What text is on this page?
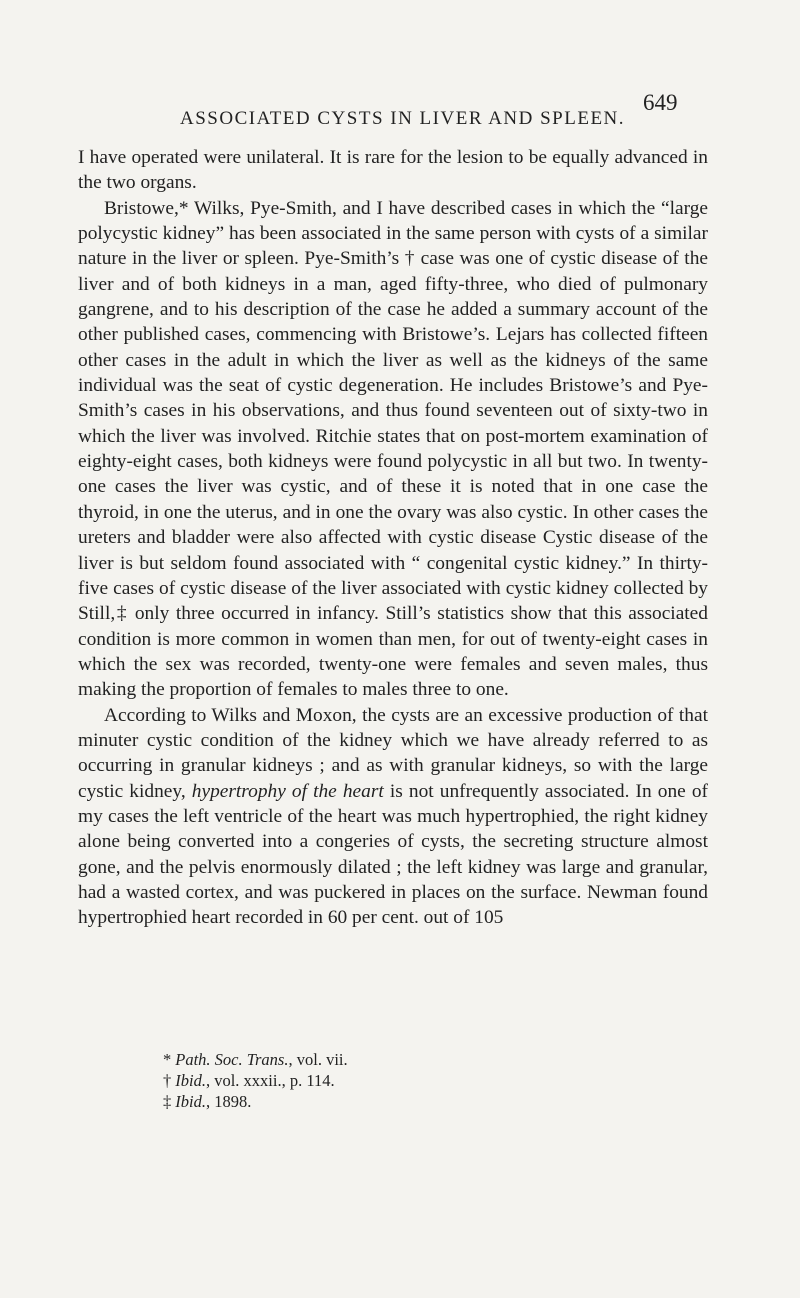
ASSOCIATED CYSTS IN LIVER AND SPLEEN.
649

I have operated were unilateral. It is rare for the lesion to be equally advanced in the two organs.

Bristowe,* Wilks, Pye-Smith, and I have described cases in which the “large polycystic kidney” has been associated in the same person with cysts of a similar nature in the liver or spleen. Pye-Smith’s † case was one of cystic disease of the liver and of both kidneys in a man, aged fifty-three, who died of pulmonary gangrene, and to his description of the case he added a summary account of the other published cases, commencing with Bristowe’s. Lejars has collected fifteen other cases in the adult in which the liver as well as the kidneys of the same individual was the seat of cystic degeneration. He includes Bristowe’s and Pye-Smith’s cases in his observations, and thus found seventeen out of sixty-two in which the liver was involved. Ritchie states that on post-mortem examination of eighty-eight cases, both kidneys were found polycystic in all but two. In twenty-one cases the liver was cystic, and of these it is noted that in one case the thyroid, in one the uterus, and in one the ovary was also cystic. In other cases the ureters and bladder were also affected with cystic disease Cystic disease of the liver is but seldom found associated with “ congenital cystic kidney.” In thirty-five cases of cystic disease of the liver associated with cystic kidney collected by Still,‡ only three occurred in infancy. Still’s statistics show that this associated condition is more common in women than men, for out of twenty-eight cases in which the sex was recorded, twenty-one were females and seven males, thus making the proportion of females to males three to one.

According to Wilks and Moxon, the cysts are an excessive production of that minuter cystic condition of the kidney which we have already referred to as occurring in granular kidneys ; and as with granular kidneys, so with the large cystic kidney, hypertrophy of the heart is not unfrequently associated. In one of my cases the left ventricle of the heart was much hypertrophied, the right kidney alone being converted into a congeries of cysts, the secreting structure almost gone, and the pelvis enormously dilated ; the left kidney was large and granular, had a wasted cortex, and was puckered in places on the surface. Newman found hypertrophied heart recorded in 60 per cent. out of 105

* Path. Soc. Trans., vol. vii.
† Ibid., vol. xxxii., p. 114.
‡ Ibid., 1898.
